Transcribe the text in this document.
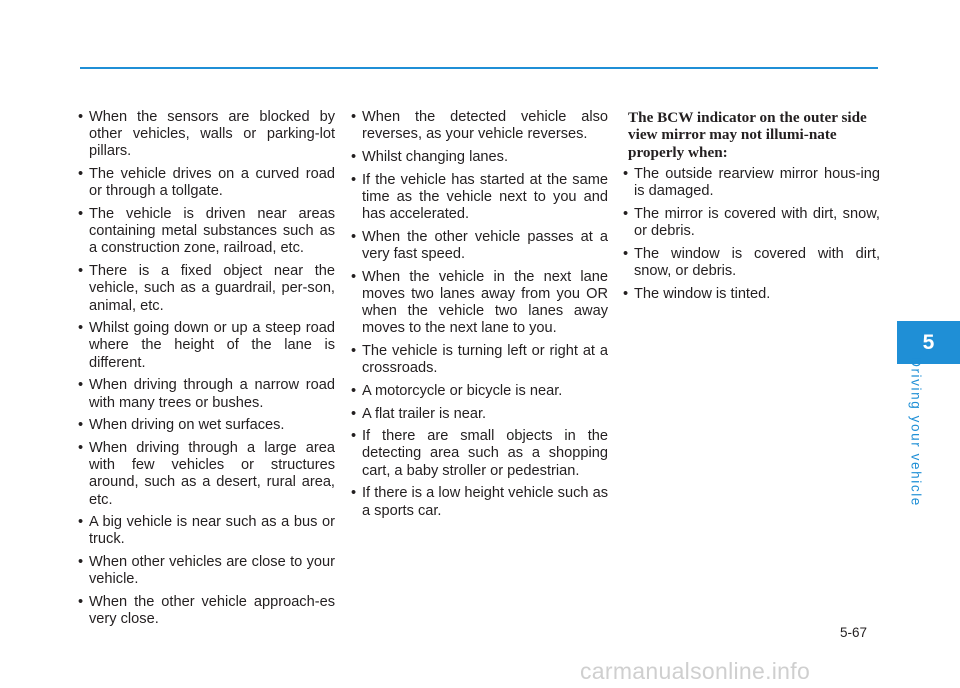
• When the sensors are blocked by other vehicles, walls or parking-lot pillars.
• The vehicle drives on a curved road or through a tollgate.
• The vehicle is driven near areas containing metal substances such as a construction zone, railroad, etc.
• There is a fixed object near the vehicle, such as a guardrail, per-son, animal, etc.
• Whilst going down or up a steep road where the height of the lane is different.
• When driving through a narrow road with many trees or bushes.
• When driving on wet surfaces.
• When driving through a large area with few vehicles or structures around, such as a desert, rural area, etc.
• A big vehicle is near such as a bus or truck.
• When other vehicles are close to your vehicle.
• When the other vehicle approach-es very close.
• When the detected vehicle also reverses, as your vehicle reverses.
• Whilst changing lanes.
• If the vehicle has started at the same time as the vehicle next to you and has accelerated.
• When the other vehicle passes at a very fast speed.
• When the vehicle in the next lane moves two lanes away from you OR when the vehicle two lanes away moves to the next lane to you.
• The vehicle is turning left or right at a crossroads.
• A motorcycle or bicycle is near.
• A flat trailer is near.
• If there are small objects in the detecting area such as a shopping cart, a baby stroller or pedestrian.
• If there is a low height vehicle such as a sports car.
The BCW indicator on the outer side view mirror may not illumi-nate properly when:
• The outside rearview mirror hous-ing is damaged.
• The mirror is covered with dirt, snow, or debris.
• The window is covered with dirt, snow, or debris.
• The window is tinted.
5
Driving your vehicle
5-67
carmanualsonline.info
